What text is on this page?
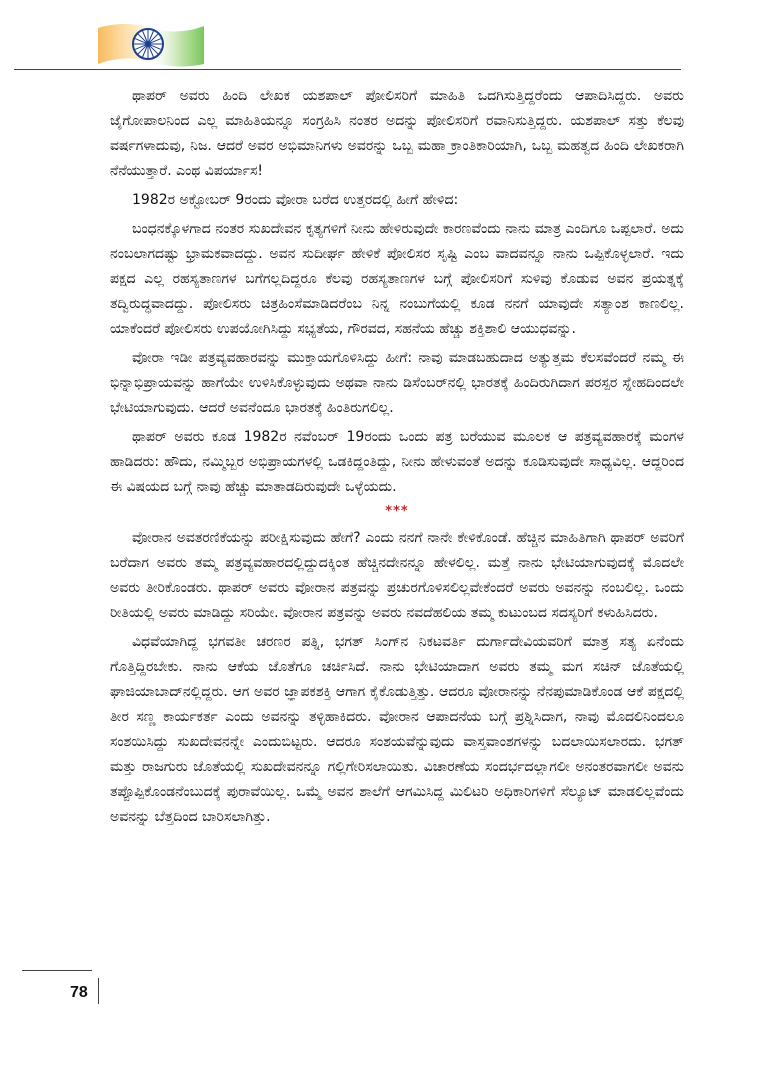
ಥಾಪರ್ ಅವರು ಹಿಂದಿ ಲೇಖಕ ಯಶಪಾಲ್ ಪೋಲಿಸರಿಗೆ ಮಾಹಿತಿ ಒದಗಿಸುತ್ತಿದ್ದರೆಂದು ಆಪಾದಿಸಿದ್ದರು. ಅವರು ಜೈಗೋಪಾಲನಿಂದ ಎಲ್ಲ ಮಾಹಿತಿಯನ್ನೂ ಸಂಗ್ರಹಿಸಿ ನಂತರ ಅದನ್ನು ಪೋಲಿಸರಿಗೆ ರವಾನಿಸುತ್ತಿದ್ದರು. ಯಶಪಾಲ್ ಸತ್ತು ಕೆಲವು ವರ್ಷಗಳಾದುವು, ನಿಜ. ಆದರೆ ಅವರ ಅಭಿಮಾನಿಗಳು ಅವರನ್ನು ಒಬ್ಬ ಮಹಾ ಕ್ರಾಂತಿಕಾರಿಯಾಗಿ, ಒಬ್ಬ ಮಹತ್ವದ ಹಿಂದಿ ಲೇಖಕರಾಗಿ ನೆನೆಯುತ್ತಾರೆ. ಎಂಥ ವಿಪರ್ಯಾಸ!

1982ರ ಅಕ್ಟೋಬರ್ 9ರಂದು ವೋರಾ ಬರೆದ ಉತ್ತರದಲ್ಲಿ ಹೀಗೆ ಹೇಳಿದ:

ಬಂಧನಕ್ಕೊಳಗಾದ ನಂತರ ಸುಖದೇವನ ಕೃತ್ಯಗಳಿಗೆ ನೀನು ಹೇಳಿರುವುದೇ ಕಾರಣವೆಂದು ನಾನು ಮಾತ್ರ ಎಂದಿಗೂ ಒಪ್ಪಲಾರೆ. ಅದು ನಂಬಲಾಗದಷ್ಟು ಭ್ರಾಮಕವಾದದ್ದು. ಅವನ ಸುದೀರ್ಘ ಹೇಳಿಕೆ ಪೋಲಿಸರ ಸೃಷ್ಟಿ ಎಂಬ ವಾದವನ್ನೂ ನಾನು ಒಪ್ಪಿಕೊಳ್ಳಲಾರೆ. ಇದು ಪಕ್ಷದ ಎಲ್ಲ ರಹಸ್ಯತಾಣಗಳ ಬಗೆಗಲ್ಲದಿದ್ದರೂ ಕೆಲವು ರಹಸ್ಯತಾಣಗಳ ಬಗ್ಗೆ ಪೋಲಿಸರಿಗೆ ಸುಳಿವು ಕೊಡುವ ಅವನ ಪ್ರಯತ್ನಕ್ಕೆ ತದ್ವಿರುದ್ಧವಾದದ್ದು. ಪೋಲಿಸರು ಚಿತ್ರಹಿಂಸೆಮಾಡಿದರೆಂಬ ನಿನ್ನ ನಂಬುಗೆಯಲ್ಲಿ ಕೂಡ ನನಗೆ ಯಾವುದೇ ಸತ್ಯಾಂಶ ಕಾಣಲಿಲ್ಲ. ಯಾಕೆಂದರೆ ಪೋಲಿಸರು ಉಪಯೋಗಿಸಿದ್ದು ಸಭ್ಯತೆಯ, ಗೌರವದ, ಸಹನೆಯ ಹೆಚ್ಚು ಶಕ್ತಿಶಾಲಿ ಆಯುಧವನ್ನು.

ವೋರಾ ಇಡೀ ಪತ್ರವ್ಯವಹಾರವನ್ನು ಮುಕ್ತಾಯಗೊಳಿಸಿದ್ದು ಹೀಗೆ: ನಾವು ಮಾಡಬಹುದಾದ ಅತ್ಯುತ್ತಮ ಕೆಲಸವೆಂದರೆ ನಮ್ಮ ಈ ಭಿನ್ನಾಭಿಪ್ರಾಯವನ್ನು ಹಾಗೆಯೇ ಉಳಿಸಿಕೊಳ್ಳುವುದು ಅಥವಾ ನಾನು ಡಿಸೆಂಬರ್‌ನಲ್ಲಿ ಭಾರತಕ್ಕೆ ಹಿಂದಿರುಗಿದಾಗ ಪರಸ್ಪರ ಸ್ನೇಹದಿಂದಲೇ ಭೇಟಿಯಾಗುವುದು. ಆದರೆ ಅವನೆಂದೂ ಭಾರತಕ್ಕೆ ಹಿಂತಿರುಗಲಿಲ್ಲ.

ಥಾಪರ್ ಅವರು ಕೂಡ 1982ರ ನವೆಂಬರ್ 19ರಂದು ಒಂದು ಪತ್ರ ಬರೆಯುವ ಮೂಲಕ ಆ ಪತ್ರವ್ಯವಹಾರಕ್ಕೆ ಮಂಗಳ ಹಾಡಿದರು: ಹೌದು, ನಮ್ಮಿಬ್ಬರ ಅಭಿಪ್ರಾಯಗಳಲ್ಲಿ ಒಡಕಿದ್ದಂತಿದ್ದು, ನೀನು ಹೇಳುವಂತೆ ಅದನ್ನು ಕೂಡಿಸುವುದೇ ಸಾಧ್ಯವಿಲ್ಲ. ಆದ್ದರಿಂದ ಈ ವಿಷಯದ ಬಗ್ಗೆ ನಾವು ಹೆಚ್ಚು ಮಾತಾಡದಿರುವುದೇ ಒಳ್ಳೆಯದು.

***

ವೋರಾನ ಅವತರಣಿಕೆಯನ್ನು ಪರೀಕ್ಷಿಸುವುದು ಹೇಗೆ? ಎಂದು ನನಗೆ ನಾನೇ ಕೇಳಿಕೊಂಡೆ. ಹೆಚ್ಚಿನ ಮಾಹಿತಿಗಾಗಿ ಥಾಪರ್ ಅವರಿಗೆ ಬರೆದಾಗ ಅವರು ತಮ್ಮ ಪತ್ರವ್ಯವಹಾರದಲ್ಲಿದ್ದುದಕ್ಕಿಂತ ಹೆಚ್ಚಿನದೇನನ್ನೂ ಹೇಳಲಿಲ್ಲ. ಮತ್ತೆ ನಾನು ಭೇಟಿಯಾಗುವುದಕ್ಕೆ ಮೊದಲೇ ಅವರು ತೀರಿಕೊಂಡರು. ಥಾಪರ್ ಅವರು ವೋರಾನ ಪತ್ರವನ್ನು ಪ್ರಚುರಗೊಳಿಸಲಿಲ್ಲವೇಕೆಂದರೆ ಅವರು ಅವನನ್ನು ನಂಬಲಿಲ್ಲ. ಒಂದು ರೀತಿಯಲ್ಲಿ ಅವರು ಮಾಡಿದ್ದು ಸರಿಯೇ. ವೋರಾನ ಪತ್ರವನ್ನು ಅವರು ನವದೆಹಲಿಯ ತಮ್ಮ ಕುಟುಂಬದ ಸದಸ್ಯರಿಗೆ ಕಳುಹಿಸಿದರು.

ವಿಧವೆಯಾಗಿದ್ದ ಭಗವತೀ ಚರಣರ ಪತ್ನಿ, ಭಗತ್ ಸಿಂಗ್‌ನ ನಿಕಟವರ್ತಿ ದುರ್ಗಾದೇವಿಯವರಿಗೆ ಮಾತ್ರ ಸತ್ಯ ಏನೆಂದು ಗೊತ್ತಿದ್ದಿರಬೇಕು. ನಾನು ಆಕೆಯ ಜೊತೆಗೂ ಚರ್ಚಿಸಿದೆ. ನಾನು ಭೇಟಿಯಾದಾಗ ಅವರು ತಮ್ಮ ಮಗ ಸಚಿನ್ ಜೊತೆಯಲ್ಲಿ ಘಾಜಿಯಾಬಾದ್‌ನಲ್ಲಿದ್ದರು. ಆಗ ಅವರ ಜ್ಞಾಪಕಶಕ್ತಿ ಆಗಾಗ ಕೈಕೊಡುತ್ತಿತ್ತು. ಆದರೂ ವೋರಾನನ್ನು ನೆನಪುಮಾಡಿಕೊಂಡ ಆಕೆ ಪಕ್ಷದಲ್ಲಿ ತೀರ ಸಣ್ಣ ಕಾರ್ಯಕರ್ತ ಎಂದು ಅವನನ್ನು ತಳ್ಳಿಹಾಕಿದರು. ವೋರಾನ ಆಪಾದನೆಯ ಬಗ್ಗೆ ಪ್ರಶ್ನಿಸಿದಾಗ, ನಾವು ಮೊದಲಿನಿಂದಲೂ ಸಂಶಯಿಸಿದ್ದು ಸುಖದೇವನನ್ನೇ ಎಂದುಬಿಟ್ಟರು. ಆದರೂ ಸಂಶಯವೆನ್ನುವುದು ವಾಸ್ತವಾಂಶಗಳನ್ನು ಬದಲಾಯಿಸಲಾರದು. ಭಗತ್ ಮತ್ತು ರಾಜಗುರು ಜೊತೆಯಲ್ಲಿ ಸುಖದೇವನನ್ನೂ ಗಲ್ಲಿಗೇರಿಸಲಾಯಿತು. ವಿಚಾರಣೆಯ ಸಂದರ್ಭದಲ್ಲಾಗಲೀ ಅನಂತರವಾಗಲೀ ಅವನು ತಪ್ಪೊಪ್ಪಿಕೊಂಡನೆಂಬುದಕ್ಕೆ ಪುರಾವೆಯಿಲ್ಲ. ಒಮ್ಮೆ ಅವನ ಶಾಲೆಗೆ ಆಗಮಿಸಿದ್ದ ಮಿಲಿಟರಿ ಅಧಿಕಾರಿಗಳಿಗೆ ಸೆಲ್ಯೂಟ್ ಮಾಡಲಿಲ್ಲವೆಂದು ಅವನನ್ನು ಬೆತ್ತದಿಂದ ಬಾರಿಸಲಾಗಿತ್ತು.

78
